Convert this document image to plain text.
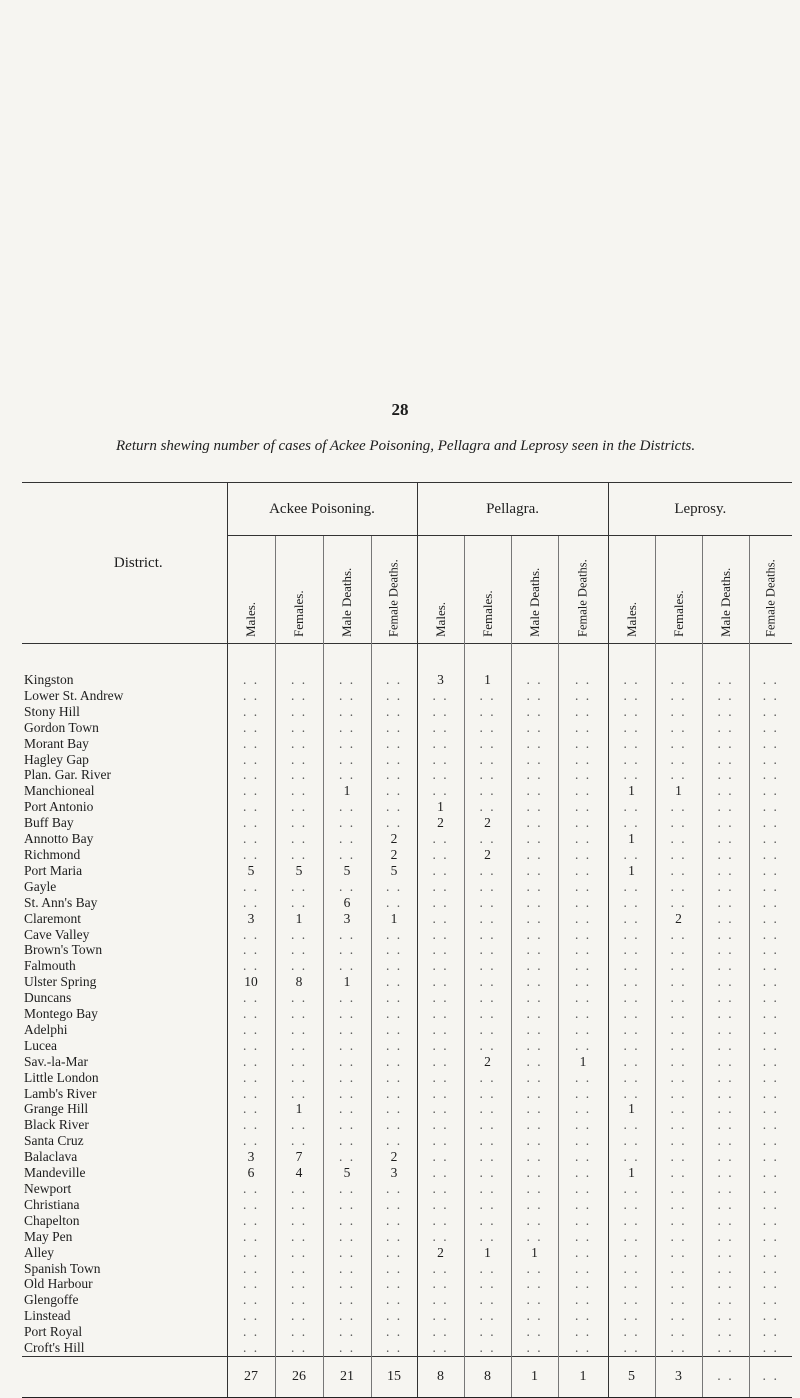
28
Return shewing number of cases of Ackee Poisoning, Pellagra and Leprosy seen in the Districts.
District.	Ackee Poisoning.				Pellagra.				Leprosy.			

	Males.	Females.	Male Deaths.	Female Deaths.	Males.	Females.	Male Deaths.	Female Deaths.	Males.	Females.	Male Deaths.	Female Deaths.

Kingston	. .	. .	. .	. .	3	1	. .	. .	. .	. .	. .	. .
Lower St. Andrew	. .	. .	. .	. .	. .	. .	. .	. .	. .	. .	. .	. .
Stony Hill	. .	. .	. .	. .	. .	. .	. .	. .	. .	. .	. .	. .
Gordon Town	. .	. .	. .	. .	. .	. .	. .	. .	. .	. .	. .	. .
Morant Bay	. .	. .	. .	. .	. .	. .	. .	. .	. .	. .	. .	. .
Hagley Gap	. .	. .	. .	. .	. .	. .	. .	. .	. .	. .	. .	. .
Plan. Gar. River	. .	. .	. .	. .	. .	. .	. .	. .	. .	. .	. .	. .
Manchioneal	. .	. .	1	. .	. .	. .	. .	. .	1	1	. .	. .
Port Antonio	. .	. .	. .	. .	1	. .	. .	. .	. .	. .	. .	. .
Buff Bay	. .	. .	. .	. .	2	2	. .	. .	. .	. .	. .	. .
Annotto Bay	. .	. .	. .	2	. .	. .	. .	. .	1	. .	. .	. .
Richmond	. .	. .	. .	2	. .	2	. .	. .	. .	. .	. .	. .
Port Maria	5	5	5	5	. .	. .	. .	. .	1	. .	. .	. .
Gayle	. .	. .	. .	. .	. .	. .	. .	. .	. .	. .	. .	. .
St. Ann's Bay	. .	. .	6	. .	. .	. .	. .	. .	. .	. .	. .	. .
Claremont	3	1	3	1	. .	. .	. .	. .	. .	2	. .	. .
Cave Valley	. .	. .	. .	. .	. .	. .	. .	. .	. .	. .	. .	. .
Brown's Town	. .	. .	. .	. .	. .	. .	. .	. .	. .	. .	. .	. .
Falmouth	. .	. .	. .	. .	. .	. .	. .	. .	. .	. .	. .	. .
Ulster Spring	10	8	1	. .	. .	. .	. .	. .	. .	. .	. .	. .
Duncans	. .	. .	. .	. .	. .	. .	. .	. .	. .	. .	. .	. .
Montego Bay	. .	. .	. .	. .	. .	. .	. .	. .	. .	. .	. .	. .
Adelphi	. .	. .	. .	. .	. .	. .	. .	. .	. .	. .	. .	. .
Lucea	. .	. .	. .	. .	. .	. .	. .	. .	. .	. .	. .	. .
Sav.-la-Mar	. .	. .	. .	. .	. .	2	. .	1	. .	. .	. .	. .
Little London	. .	. .	. .	. .	. .	. .	. .	. .	. .	. .	. .	. .
Lamb's River	. .	. .	. .	. .	. .	. .	. .	. .	. .	. .	. .	. .
Grange Hill	. .	1	. .	. .	. .	. .	. .	. .	1	. .	. .	. .
Black River	. .	. .	. .	. .	. .	. .	. .	. .	. .	. .	. .	. .
Santa Cruz	. .	. .	. .	. .	. .	. .	. .	. .	. .	. .	. .	. .
Balaclava	3	7	. .	2	. .	. .	. .	. .	. .	. .	. .	. .
Mandeville	6	4	5	3	. .	. .	. .	. .	1	. .	. .	. .
Newport	. .	. .	. .	. .	. .	. .	. .	. .	. .	. .	. .	. .
Christiana	. .	. .	. .	. .	. .	. .	. .	. .	. .	. .	. .	. .
Chapelton	. .	. .	. .	. .	. .	. .	. .	. .	. .	. .	. .	. .
May Pen	. .	. .	. .	. .	. .	. .	. .	. .	. .	. .	. .	. .
Alley	. .	. .	. .	. .	2	1	1	. .	. .	. .	. .	. .
Spanish Town	. .	. .	. .	. .	. .	. .	. .	. .	. .	. .	. .	. .
Old Harbour	. .	. .	. .	. .	. .	. .	. .	. .	. .	. .	. .	. .
Glengoffe	. .	. .	. .	. .	. .	. .	. .	. .	. .	. .	. .	. .
Linstead	. .	. .	. .	. .	. .	. .	. .	. .	. .	. .	. .	. .
Port Royal	. .	. .	. .	. .	. .	. .	. .	. .	. .	. .	. .	. .
Croft's Hill	. .	. .	. .	. .	. .	. .	. .	. .	. .	. .	. .	. .
	27	26	21	15	8	8	1	1	5	3	. .	. .
